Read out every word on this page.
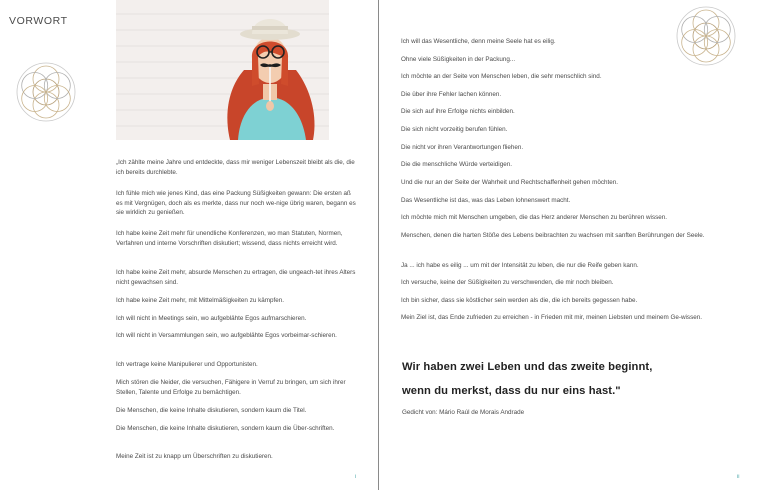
VORWORT

„Ich zählte meine Jahre und entdeckte, dass mir weniger Lebenszeit bleibt als die, die ich bereits durchlebte.

Ich fühle mich wie jenes Kind, das eine Packung Süßigkeiten gewann: Die ersten aß es mit Vergnügen, doch als es merkte, dass nur noch we-nige übrig waren, begann es sie wirklich zu genießen.

Ich habe keine Zeit mehr für unendliche Konferenzen, wo man Statuten, Normen, Verfahren und interne Vorschriften diskutiert; wissend, dass nichts erreicht wird.

Ich habe keine Zeit mehr, absurde Menschen zu ertragen, die ungeach-tet ihres Alters nicht gewachsen sind.

Ich habe keine Zeit mehr, mit Mittelmäßigkeiten zu kämpfen.

Ich will nicht in Meetings sein, wo aufgeblähte Egos aufmarschieren.

Ich will nicht in Versammlungen sein, wo aufgeblähte Egos vorbeimar-schieren.

Ich vertrage keine Manipulierer und Opportunisten.

Mich stören die Neider, die versuchen, Fähigere in Verruf zu bringen, um sich ihrer Stellen, Talente und Erfolge zu bemächtigen.

Die Menschen, die keine Inhalte diskutieren, sondern kaum die Titel.

Die Menschen, die keine Inhalte diskutieren, sondern kaum die Über-schriften.

Meine Zeit ist zu knapp um Überschriften zu diskutieren.

i

Ich will das Wesentliche, denn meine Seele hat es eilig.

Ohne viele Süßigkeiten in der Packung...

Ich möchte an der Seite von Menschen leben, die sehr menschlich sind.

Die über ihre Fehler lachen können.

Die sich auf ihre Erfolge nichts einbilden.

Die sich nicht vorzeitig berufen fühlen.

Die nicht vor ihren Verantwortungen fliehen.

Die die menschliche Würde verteidigen.

Und die nur an der Seite der Wahrheit und Rechtschaffenheit gehen möchten.

Das Wesentliche ist das, was das Leben lohnenswert macht.

Ich möchte mich mit Menschen umgeben, die das Herz anderer Menschen zu berühren wissen.

Menschen, denen die harten Stöße des Lebens beibrachten zu wachsen mit sanften Berührungen der Seele.

Ja ... ich habe es eilig ... um mit der Intensität zu leben, die nur die Reife geben kann.

Ich versuche, keine der Süßigkeiten zu verschwenden, die mir noch bleiben.

Ich bin sicher, dass sie köstlicher sein werden als die, die ich bereits gegessen habe.

Mein Ziel ist, das Ende zufrieden zu erreichen - in Frieden mit mir, meinen Liebsten und meinem Ge-wissen.

Wir haben zwei Leben und das zweite beginnt,

wenn du merkst, dass du nur eins hast."

Gedicht von: Mário Raúl de Morais Andrade

ii
